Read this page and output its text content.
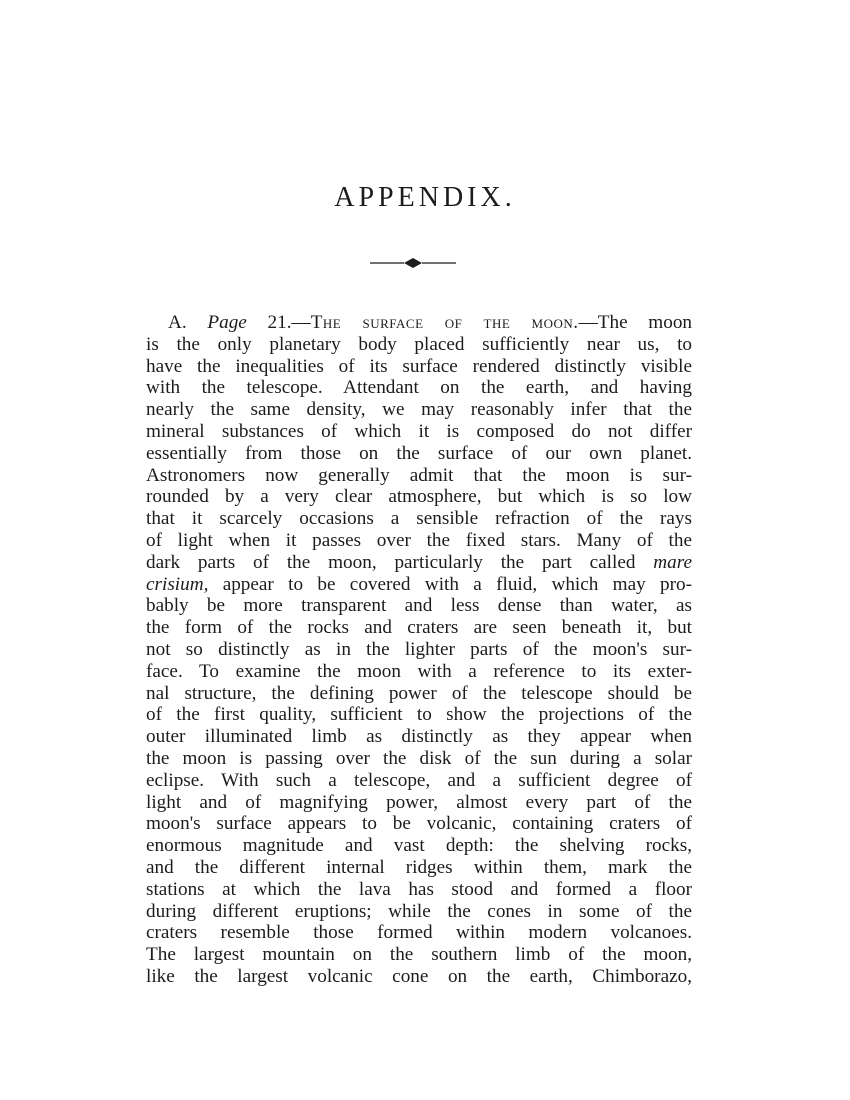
APPENDIX.
A. Page 21.—The surface of the moon.—The moon
is the only planetary body placed sufficiently near us, to
have the inequalities of its surface rendered distinctly visible
with the telescope. Attendant on the earth, and having
nearly the same density, we may reasonably infer that the
mineral substances of which it is composed do not differ
essentially from those on the surface of our own planet.
Astronomers now generally admit that the moon is sur-
rounded by a very clear atmosphere, but which is so low
that it scarcely occasions a sensible refraction of the rays
of light when it passes over the fixed stars. Many of the
dark parts of the moon, particularly the part called mare
crisium, appear to be covered with a fluid, which may pro-
bably be more transparent and less dense than water, as
the form of the rocks and craters are seen beneath it, but
not so distinctly as in the lighter parts of the moon's sur-
face. To examine the moon with a reference to its exter-
nal structure, the defining power of the telescope should be
of the first quality, sufficient to show the projections of the
outer illuminated limb as distinctly as they appear when
the moon is passing over the disk of the sun during a solar
eclipse. With such a telescope, and a sufficient degree of
light and of magnifying power, almost every part of the
moon's surface appears to be volcanic, containing craters of
enormous magnitude and vast depth: the shelving rocks,
and the different internal ridges within them, mark the
stations at which the lava has stood and formed a floor
during different eruptions; while the cones in some of the
craters resemble those formed within modern volcanoes.
The largest mountain on the southern limb of the moon,
like the largest volcanic cone on the earth, Chimborazo,
